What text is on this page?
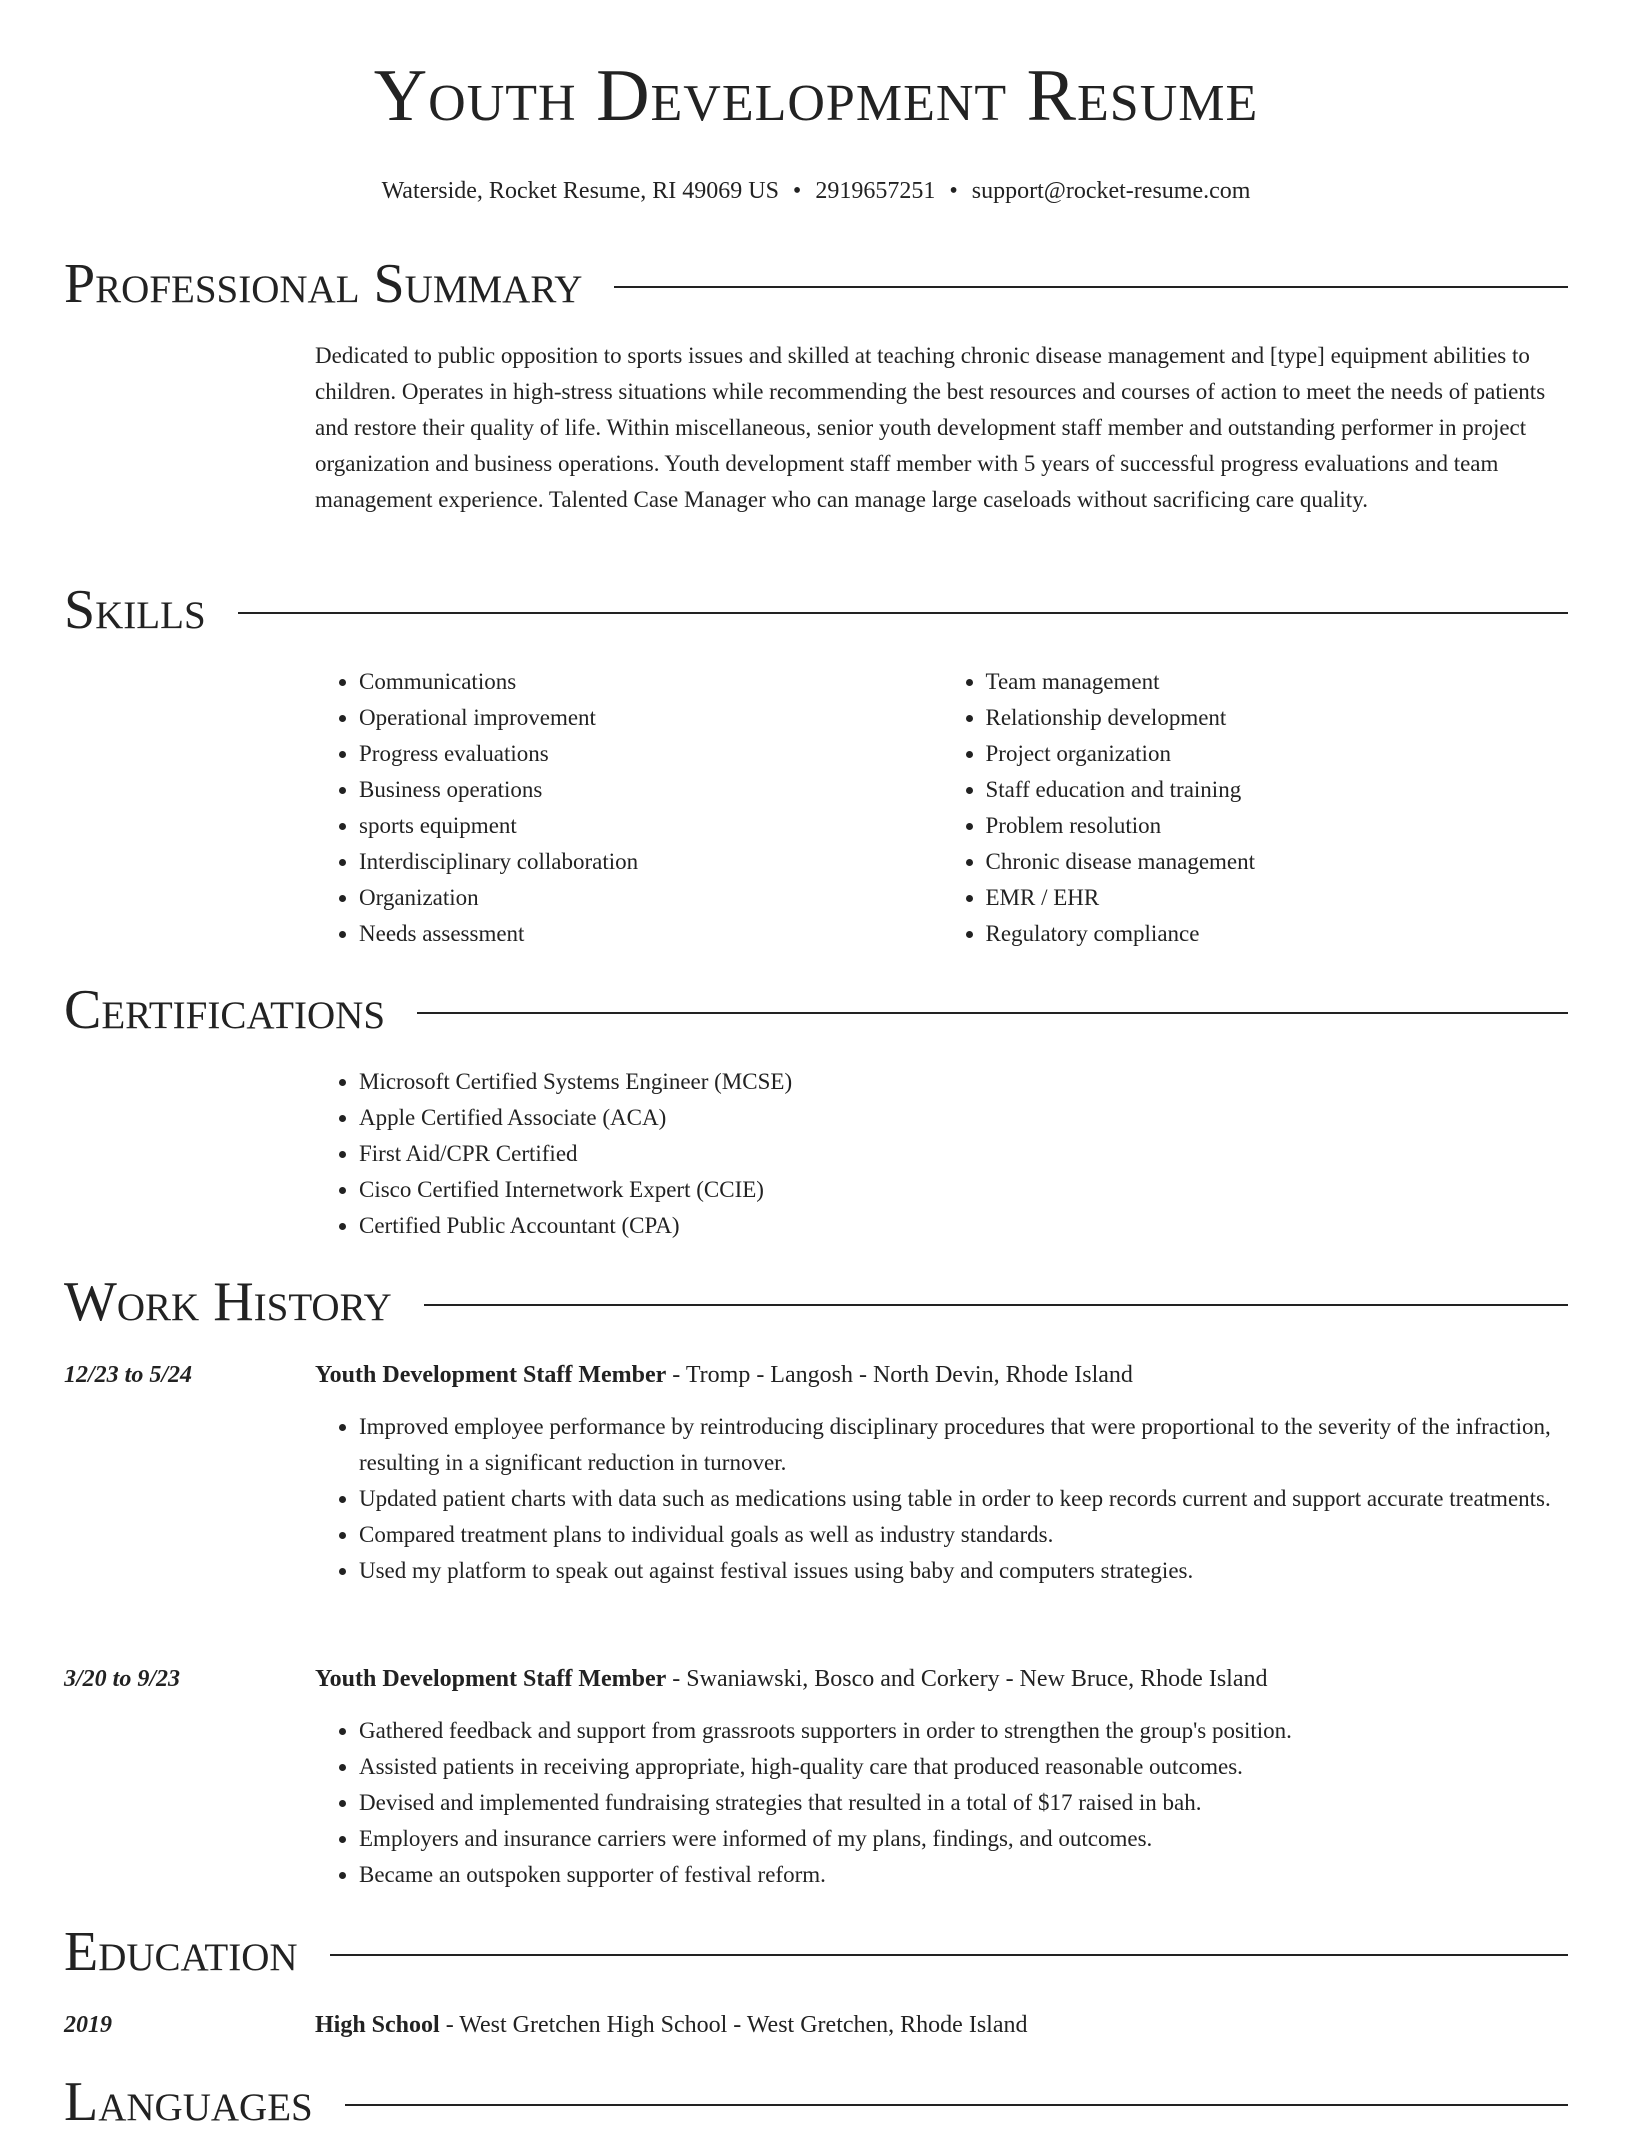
Youth Development Resume
Waterside, Rocket Resume, RI 49069 US • 2919657251 • support@rocket-resume.com
Professional Summary

Dedicated to public opposition to sports issues and skilled at teaching chronic disease management and [type] equipment abilities to children. Operates in high-stress situations while recommending the best resources and courses of action to meet the needs of patients and restore their quality of life. Within miscellaneous, senior youth development staff member and outstanding performer in project organization and business operations. Youth development staff member with 5 years of successful progress evaluations and team management experience. Talented Case Manager who can manage large caseloads without sacrificing care quality.

Skills
• Communications
• Operational improvement
• Progress evaluations
• Business operations
• sports equipment
• Interdisciplinary collaboration
• Organization
• Needs assessment
• Team management
• Relationship development
• Project organization
• Staff education and training
• Problem resolution
• Chronic disease management
• EMR / EHR
• Regulatory compliance
Certifications
• Microsoft Certified Systems Engineer (MCSE)
• Apple Certified Associate (ACA)
• First Aid/CPR Certified
• Cisco Certified Internetwork Expert (CCIE)
• Certified Public Accountant (CPA)
Work History
12/23 to 5/24	Youth Development Staff Member - Tromp - Langosh - North Devin, Rhode Island
• Improved employee performance by reintroducing disciplinary procedures that were proportional to the severity of the infraction, resulting in a significant reduction in turnover.
• Updated patient charts with data such as medications using table in order to keep records current and support accurate treatments.
• Compared treatment plans to individual goals as well as industry standards.
• Used my platform to speak out against festival issues using baby and computers strategies.
3/20 to 9/23	Youth Development Staff Member - Swaniawski, Bosco and Corkery - New Bruce, Rhode Island
• Gathered feedback and support from grassroots supporters in order to strengthen the group's position.
• Assisted patients in receiving appropriate, high-quality care that produced reasonable outcomes.
• Devised and implemented fundraising strategies that resulted in a total of $17 raised in bah.
• Employers and insurance carriers were informed of my plans, findings, and outcomes.
• Became an outspoken supporter of festival reform.
Education
2019	High School - West Gretchen High School - West Gretchen, Rhode Island
Languages
